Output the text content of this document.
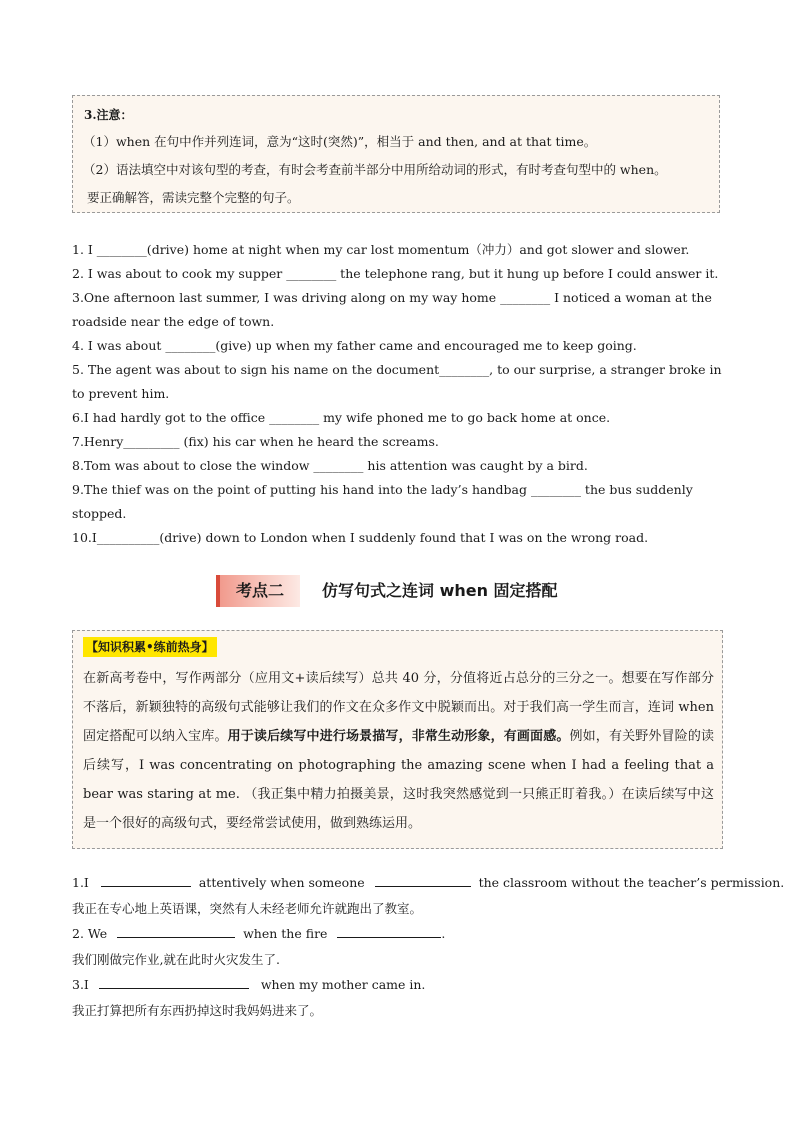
3.注意：
（1）when 在句中作并列连词，意为“这时(突然)”，相当于 and then, and at that time。
（2）语法填空中对该句型的考查，有时会考查前半部分中用所给动词的形式，有时考查句型中的 when。
要正确解答，需读完整个完整的句子。
1. I ________(drive) home at night when my car lost momentum（冲力）and got slower and slower.
2. I was about to cook my supper ________ the telephone rang, but it hung up before I could answer it.
3.One afternoon last summer, I was driving along on my way home ________ I noticed a woman at the roadside near the edge of town.
4. I was about ________(give) up when my father came and encouraged me to keep going.
5. The agent was about to sign his name on the document________, to our surprise, a stranger broke in to prevent him.
6.I had hardly got to the office ________ my wife phoned me to go back home at once.
7.Henry_________ (fix) his car when he heard the screams.
8.Tom was about to close the window ________ his attention was caught by a bird.
9.The thief was on the point of putting his hand into the lady’s handbag ________ the bus suddenly stopped.
10.I__________(drive) down to London when I suddenly found that I was on the wrong road.
考点二	仿写句式之连词 when 固定搭配
【知识积累•练前热身】
在新高考卷中，写作两部分（应用文+读后续写）总共 40 分，分值将近占总分的三分之一。想要在写作部分不落后，新颖独特的高级句式能够让我们的作文在众多作文中脱颖而出。对于我们高一学生而言，连词 when 固定搭配可以纳入宝库。用于读后续写中进行场景描写，非常生动形象，有画面感。例如，有关野外冒险的读后续写，I was concentrating on photographing the amazing scene when I had a feeling that a bear was staring at me. （我正集中精力拍摄美景，这时我突然感觉到一只熊正盯着我。）在读后续写中这是一个很好的高级句式，要经常尝试使用，做到熟练运用。
1.I	attentively when someone	the classroom without the teacher’s permission.
我正在专心地上英语课，突然有人未经老师允许就跑出了教室。
2. We	when the fire	.
我们刚做完作业,就在此时火灾发生了.
3.I	when my mother came in.
我正打算把所有东西扔掉这时我妈妈进来了。
